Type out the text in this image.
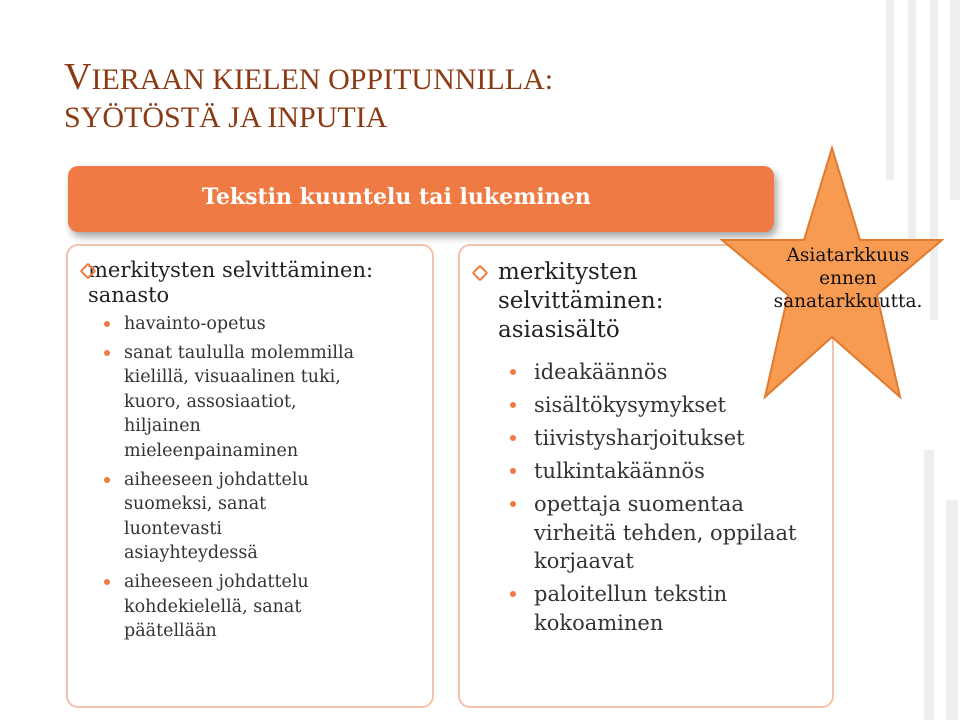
VIERAAN KIELEN OPPITUNNILLA:
SYÖTÖSTÄ JA INPUTIA
Tekstin kuuntelu tai lukeminen
merkitysten selvittäminen:
sanasto
havainto-opetus
sanat taululla molemmilla
kielillä, visuaalinen tuki,
kuoro, assosiaatiot,
hiljainen
mieleenpainaminen
aiheeseen johdattelu
suomeksi, sanat
luontevasti
asiayhteydessä
aiheeseen johdattelu
kohdekielellä, sanat
päätellään
merkitysten
selvittäminen:
asiasisältö
ideakäännös
sisältökysymykset
tiivistysharjoitukset
tulkintakäännös
opettaja suomentaa
virheitä tehden, oppilaat
korjaavat
paloitellun tekstin
kokoaminen
Asiatarkkuus
ennen
sanatarkkuutta.
